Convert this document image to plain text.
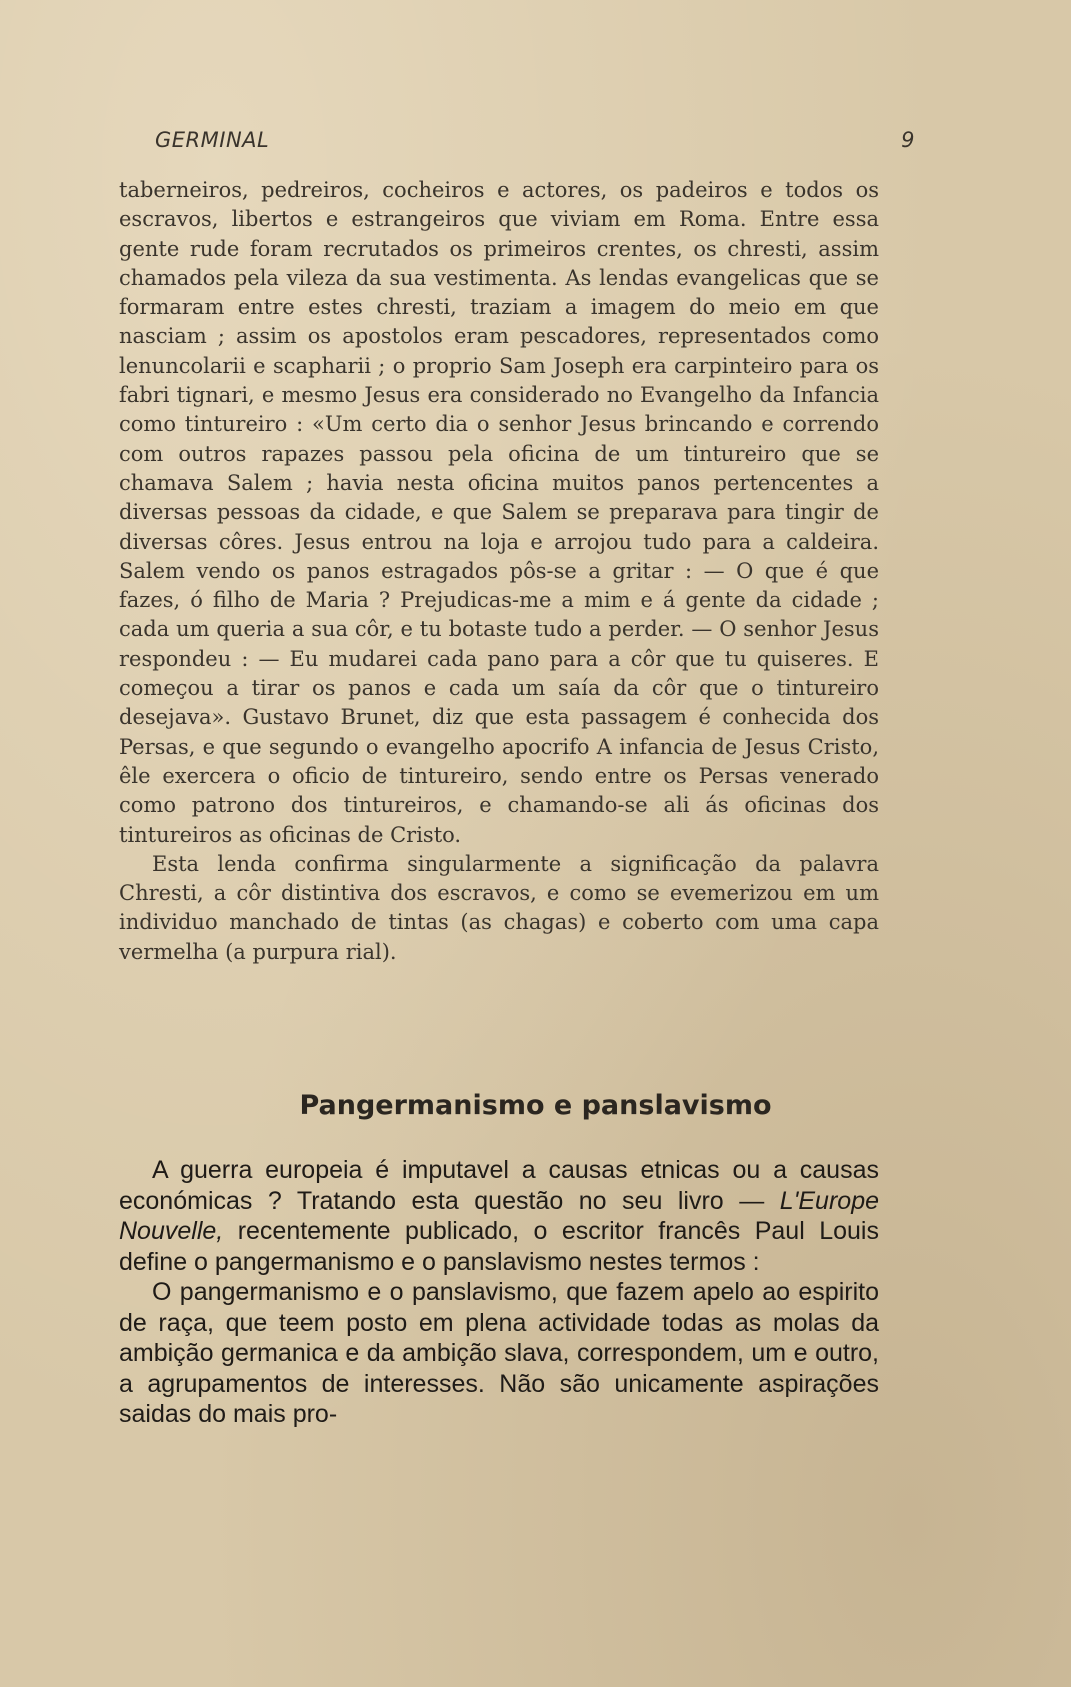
GERMINAL	9

taberneiros, pedreiros, cocheiros e actores, os padeiros e todos os escravos, libertos e estrangeiros que viviam em Roma. Entre essa gente rude foram recrutados os primeiros crentes, os chresti, assim chamados pela vileza da sua vestimenta. As lendas evangelicas que se formaram entre estes chresti, traziam a imagem do meio em que nasciam ; assim os apostolos eram pescadores, representados como lenuncolarii e scapharii ; o proprio Sam Joseph era carpinteiro para os fabri tignari, e mesmo Jesus era considerado no Evangelho da Infancia como tintureiro : «Um certo dia o senhor Jesus brincando e correndo com outros rapazes passou pela oficina de um tintureiro que se chamava Salem ; havia nesta oficina muitos panos pertencentes a diversas pessoas da cidade, e que Salem se preparava para tingir de diversas côres. Jesus entrou na loja e arrojou tudo para a caldeira. Salem vendo os panos estragados pôs-se a gritar : — O que é que fazes, ó filho de Maria ? Prejudicas-me a mim e á gente da cidade ; cada um queria a sua côr, e tu botaste tudo a perder. — O senhor Jesus respondeu : — Eu mudarei cada pano para a côr que tu quiseres. E começou a tirar os panos e cada um saía da côr que o tintureiro desejava». Gustavo Brunet, diz que esta passagem é conhecida dos Persas, e que segundo o evangelho apocrifo A infancia de Jesus Cristo, êle exercera o oficio de tintureiro, sendo entre os Persas venerado como patrono dos tintureiros, e chamando-se ali ás oficinas dos tintureiros as oficinas de Cristo.

Esta lenda confirma singularmente a significação da palavra Chresti, a côr distintiva dos escravos, e como se evemerizou em um individuo manchado de tintas (as chagas) e coberto com uma capa vermelha (a purpura rial).

Pangermanismo e panslavismo

A guerra europeia é imputavel a causas etnicas ou a causas económicas ? Tratando esta questão no seu livro — L'Europe Nouvelle, recentemente publicado, o escritor francês Paul Louis define o pangermanismo e o panslavismo nestes termos :

O pangermanismo e o panslavismo, que fazem apelo ao espirito de raça, que teem posto em plena actividade todas as molas da ambição germanica e da ambição slava, correspondem, um e outro, a agrupamentos de interesses. Não são unicamente aspirações saidas do mais pro-
